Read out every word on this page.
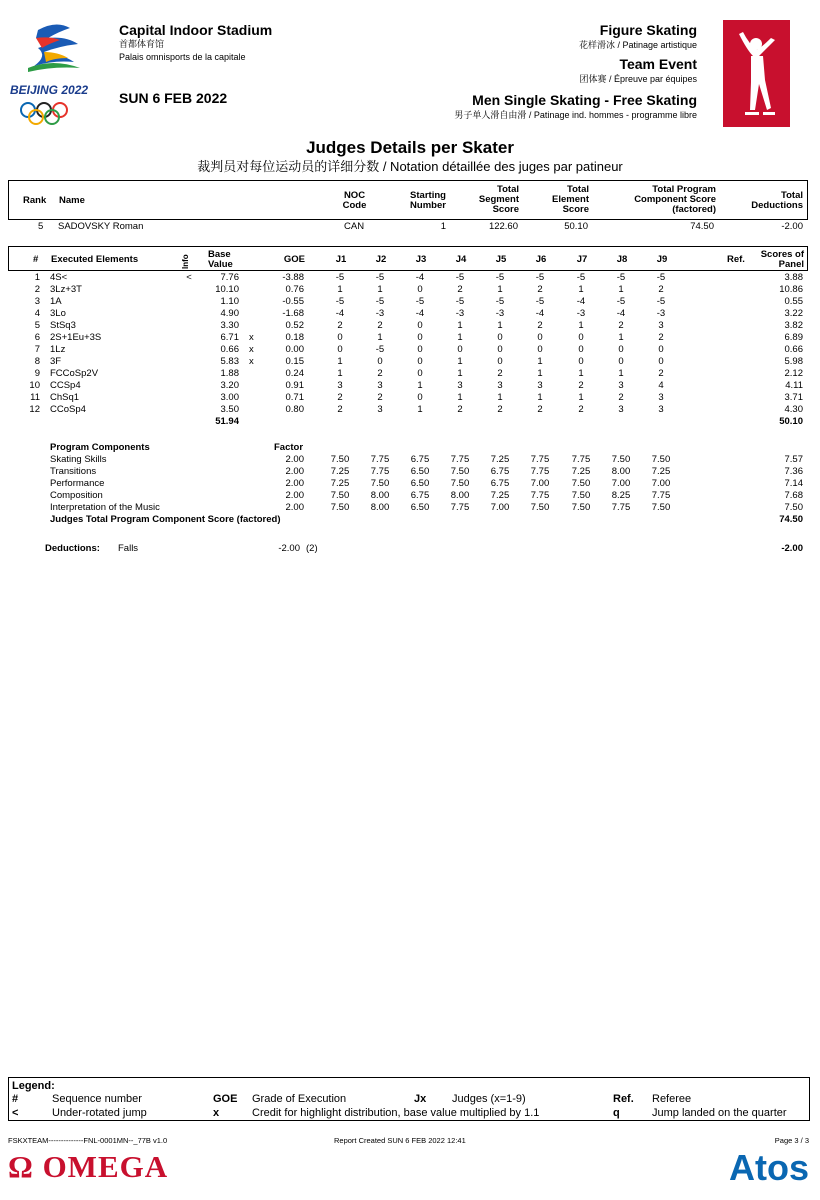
BEIJING 2022
Capital Indoor Stadium
首都体育馆
Palais omnisports de la capitale
SUN 6 FEB 2022
Figure Skating
花样滑冰 / Patinage artistique
Team Event
团体赛 / Épreuve par équipes
Men Single Skating - Free Skating
男子单人滑自由滑 / Patinage ind. hommes - programme libre
Judges Details per Skater
裁判员对每位运动员的详细分数 / Notation détaillée des juges par patineur
Rank Name	NOC
Code
Starting
Number
Total
Segment
Score
Total
Element
Score
Total Program
Component Score
(factored)
Total
Deductions
5 SADOVSKY Roman	CAN	1	122.60	50.10	74.50	-2.00
# Executed Elements	Info Base
Value	GOE	J1	J2	J3	J4	J5	J6	J7	J8	J9	Ref.	Scores of
Panel
1 4S<	<	7.76	-3.88	-5	-5	-4	-5	-5	-5	-5	-5	-5	3.88
2 3Lz+3T	10.10	0.76	1	1	0	2	1	2	1	1	2	10.86
3 1A	1.10	-0.55	-5	-5	-5	-5	-5	-5	-4	-5	-5	0.55
4 3Lo	4.90	-1.68	-4	-3	-4	-3	-3	-4	-3	-4	-3	3.22
5 StSq3	3.30	0.52	2	2	0	1	1	2	1	2	3	3.82
6 2S+1Eu+3S	6.71 x	0.18	0	1	0	1	0	0	0	1	2	6.89
7 1Lz	0.66 x	0.00	0	-5	0	0	0	0	0	0	0	0.66
8 3F	5.83 x	0.15	1	0	0	1	0	1	0	0	0	5.98
9 FCCoSp2V	1.88	0.24	1	2	0	1	2	1	1	1	2	2.12
10 CCSp4	3.20	0.91	3	3	1	3	3	3	2	3	4	4.11
11 ChSq1	3.00	0.71	2	2	0	1	1	1	1	2	3	3.71
12 CCoSp4	3.50	0.80	2	3	1	2	2	2	2	3	3	4.30
51.94	50.10
Program Components	Factor
Skating Skills	2.00	7.50	7.75	6.75	7.75	7.25	7.75	7.75	7.50	7.50	7.57
Transitions	2.00	7.25	7.75	6.50	7.50	6.75	7.75	7.25	8.00	7.25	7.36
Performance	2.00	7.25	7.50	6.50	7.50	6.75	7.00	7.50	7.00	7.00	7.14
Composition	2.00	7.50	8.00	6.75	8.00	7.25	7.75	7.50	8.25	7.75	7.68
Interpretation of the Music	2.00	7.50	8.00	6.50	7.75	7.00	7.50	7.50	7.75	7.50	7.50
Judges Total Program Component Score (factored)	74.50
Deductions: Falls	-2.00 (2)	-2.00
Legend:
#	Sequence number	GOE Grade of Execution	Jx Judges (x=1-9)	Ref. Referee
<	Under-rotated jump	x	Credit for highlight distribution, base value multiplied by 1.1	q	Jump landed on the quarter
FSKXTEAM--------------FNL-0001MN--_77B v1.0	Report Created SUN 6 FEB 2022 12:41	Page 3 / 3
Ω OMEGA	Atos
